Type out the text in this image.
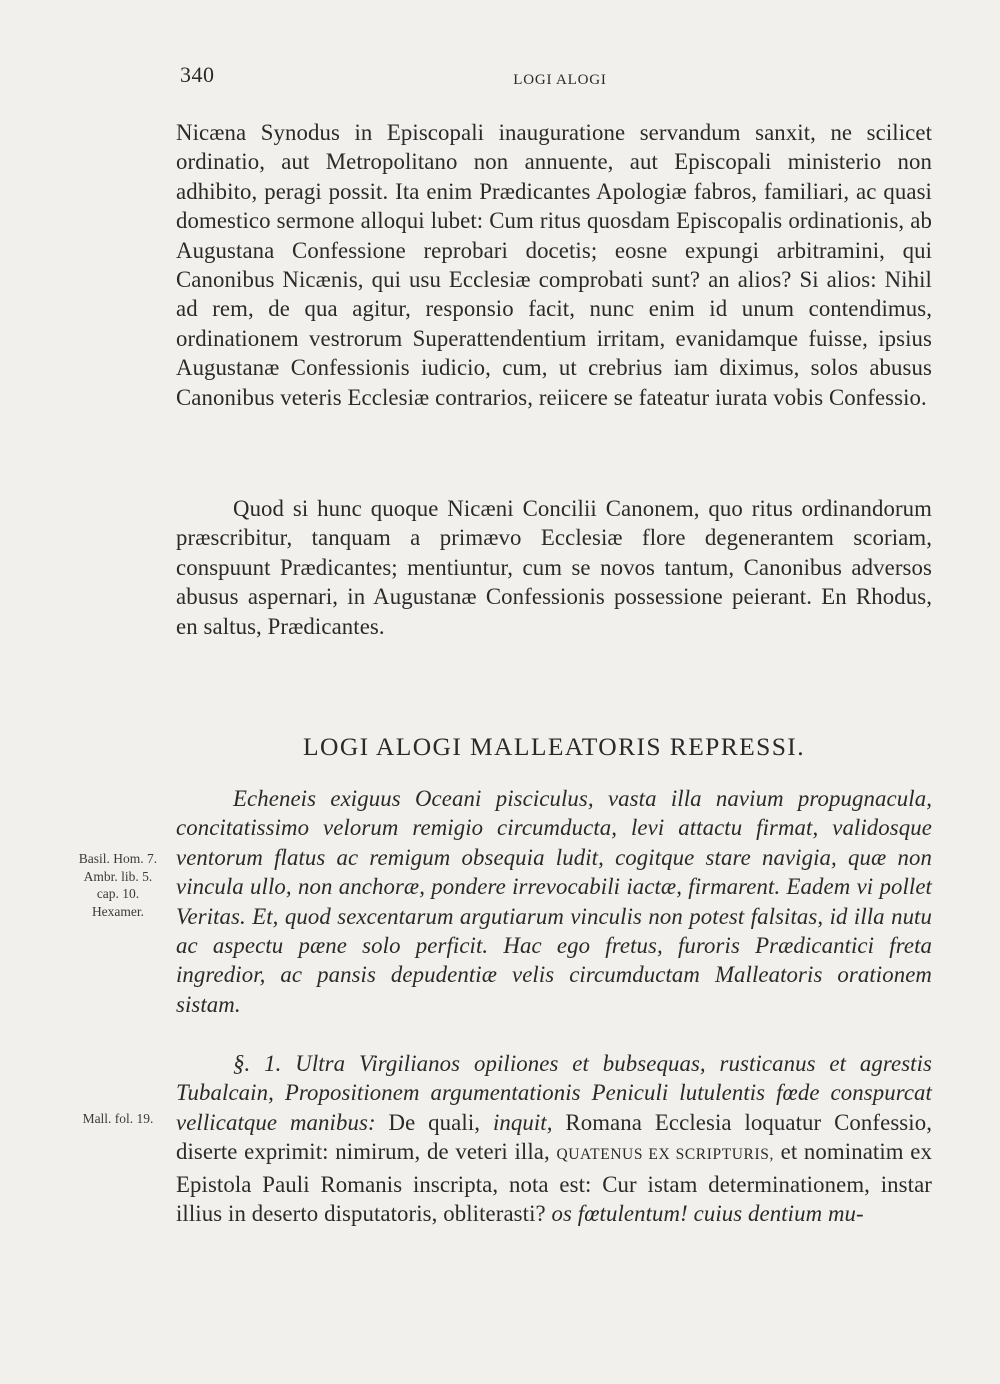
340	LOGI ALOGI

Nicæna Synodus in Episcopali inauguratione servandum sanxit, ne scilicet ordinatio, aut Metropolitano non annuente, aut Episcopali ministerio non adhibito, peragi possit. Ita enim Prædicantes Apologiæ fabros, familiari, ac quasi domestico sermone alloqui lubet: Cum ritus quosdam Episcopalis ordinationis, ab Augustana Confessione reprobari docetis; eosne expungi arbitramini, qui Canonibus Nicænis, qui usu Ecclesiæ comprobati sunt? an alios? Si alios: Nihil ad rem, de qua agitur, responsio facit, nunc enim id unum contendimus, ordinationem vestrorum Superattendentium irritam, evanidamque fuisse, ipsius Augustanæ Confessionis iudicio, cum, ut crebrius iam diximus, solos abusus Canonibus veteris Ecclesiæ contrarios, reiicere se fateatur iurata vobis Confessio.

Quod si hunc quoque Nicæni Concilii Canonem, quo ritus ordinandorum præscribitur, tanquam a primævo Ecclesiæ flore degenerantem scoriam, conspuunt Prædicantes; mentiuntur, cum se novos tantum, Canonibus adversos abusus aspernari, in Augustanæ Confessionis possessione peierant. En Rhodus, en saltus, Prædicantes.

LOGI ALOGI MALLEATORIS REPRESSI.

Echeneis exiguus Oceani pisciculus, vasta illa navium propugnacula, concitatissimo velorum remigio circumducta, levi attactu firmat, validosque ventorum flatus ac remigum obsequia ludit, cogitque stare navigia, quæ non vincula ullo, non anchoræ, pondere irrevocabili iactæ, firmarent. Eadem vi pollet Veritas. Et, quod sexcentarum argutiarum vinculis non potest falsitas, id illa nutu ac aspectu pæne solo perficit. Hac ego fretus, furoris Prædicantici freta ingredior, ac pansis depudentiæ velis circumductam Malleatoris orationem sistam.

§. 1. Ultra Virgilianos opiliones et bubsequas, rusticanus et agrestis Tubalcain, Propositionem argumentationis Peniculi lutulentis fœde conspurcat vellicatque manibus: De quali, inquit, Romana Ecclesia loquatur Confessio, diserte exprimit: nimirum, de veteri illa, QUATENUS EX SCRIPTURIS, et nominatim ex Epistola Pauli Romanis inscripta, nota est: Cur istam determinationem, instar illius in deserto disputatoris, obliterasti? os fœtulentum! cuius dentium mu-

Basil. Hom. 7.
Ambr. lib. 5.
cap. 10.
Hexamer.
Mall. fol. 19.
